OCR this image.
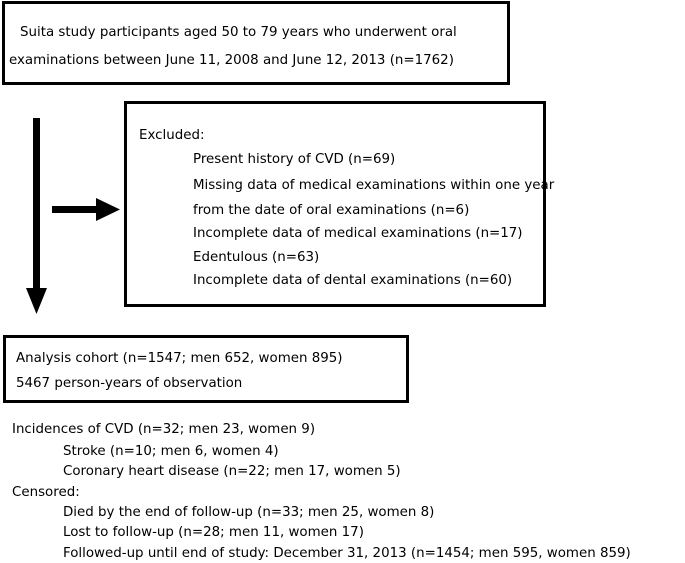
Suita study participants aged 50 to 79 years who underwent oral
examinations between June 11, 2008 and June 12, 2013 (n=1762)
Excluded:
Present history of CVD (n=69)
Missing data of medical examinations within one year
from the date of oral examinations (n=6)
Incomplete data of medical examinations (n=17)
Edentulous (n=63)
Incomplete data of dental examinations (n=60)
Analysis cohort (n=1547; men 652, women 895)
5467 person-years of observation
Incidences of CVD (n=32; men 23, women 9)
Stroke (n=10; men 6, women 4)
Coronary heart disease (n=22; men 17, women 5)
Censored:
Died by the end of follow-up (n=33; men 25, women 8)
Lost to follow-up (n=28; men 11, women 17)
Followed-up until end of study: December 31, 2013 (n=1454; men 595, women 859)
